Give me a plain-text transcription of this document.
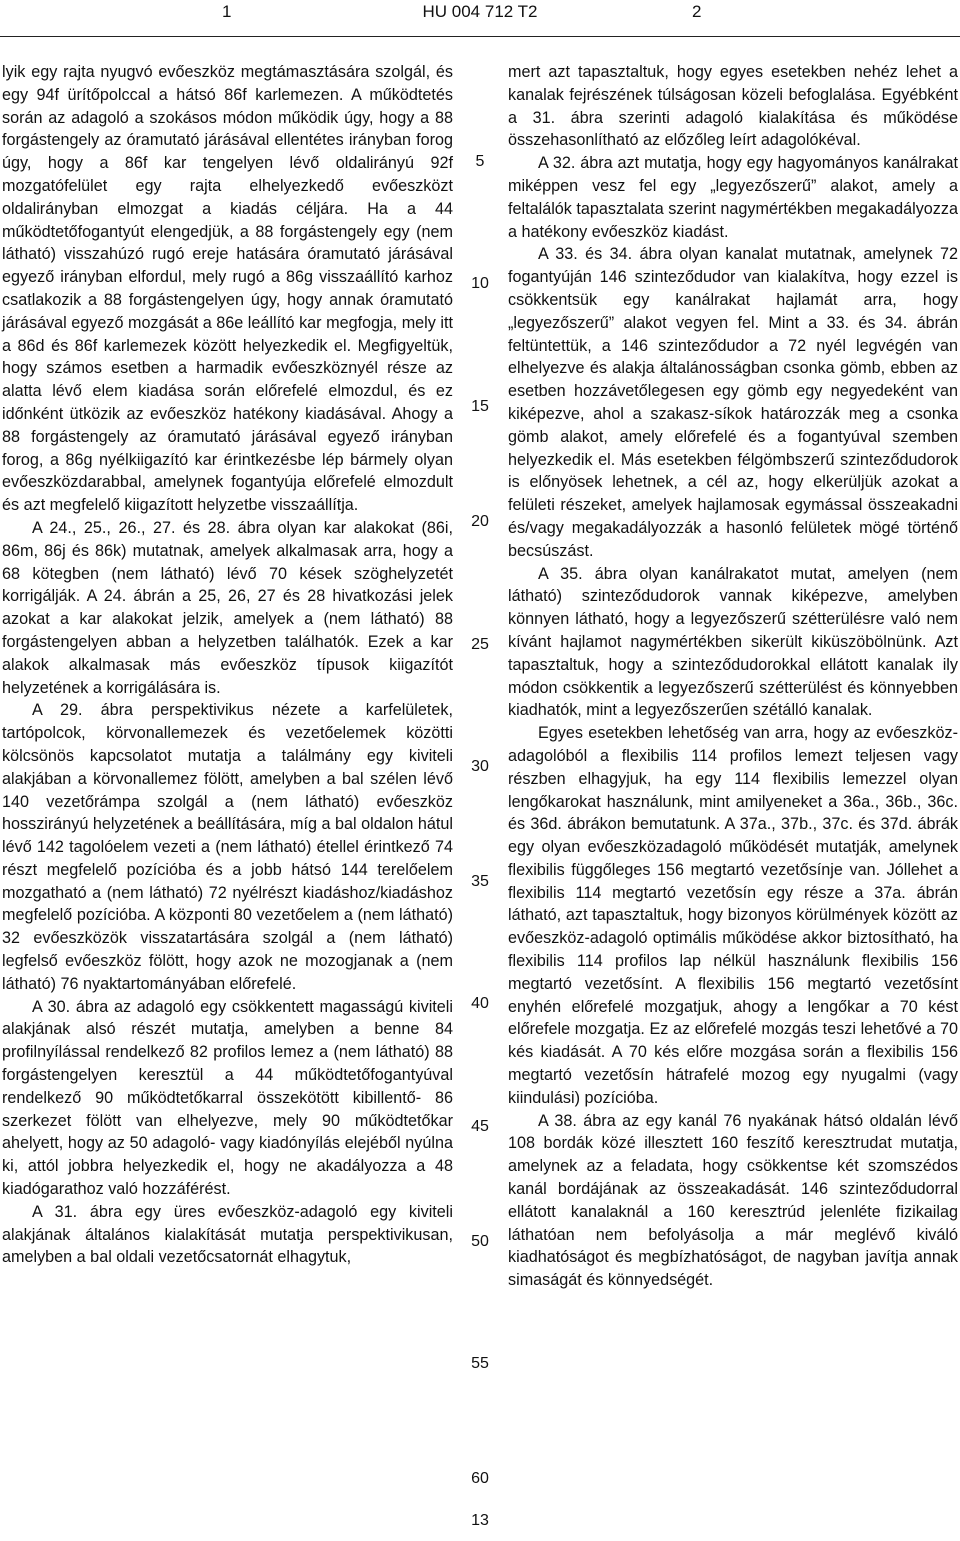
1	HU 004 712 T2	2

lyik egy rajta nyugvó evőeszköz megtámasztására szolgál, és egy 94f ürítőpolccal a hátsó 86f karlemezen. A működtetés során az adagoló a szokásos módon működik úgy, hogy a 88 forgástengely az óramutató járásával ellentétes irányban forog úgy, hogy a 86f kar tengelyen lévő oldalirányú 92f mozgatófelület egy rajta elhelyezkedő evőeszközt oldalirányban elmozgat a kiadás céljára. Ha a 44 működtetőfogantyút elengedjük, a 88 forgástengely egy (nem látható) visszahúzó rugó ereje hatására óramutató járásával egyező irányban elfordul, mely rugó a 86g visszaállító karhoz csatlakozik a 88 forgástengelyen úgy, hogy annak óramutató járásával egyező mozgását a 86e leállító kar megfogja, mely itt a 86d és 86f karlemezek között helyezkedik el. Megfigyeltük, hogy számos esetben a harmadik evőeszköznyél része az alatta lévő elem kiadása során előrefelé elmozdul, és ez időnként ütközik az evőeszköz hatékony kiadásával. Ahogy a 88 forgástengely az óramutató járásával egyező irányban forog, a 86g nyélkiigazító kar érintkezésbe lép bármely olyan evőeszközdarabbal, amelynek fogantyúja előrefelé elmozdult és azt megfelelő kiigazított helyzetbe visszaállítja.

A 24., 25., 26., 27. és 28. ábra olyan kar alakokat (86i, 86m, 86j és 86k) mutatnak, amelyek alkalmasak arra, hogy a 68 kötegben (nem látható) lévő 70 kések szöghelyzetét korrigálják. A 24. ábrán a 25, 26, 27 és 28 hivatkozási jelek azokat a kar alakokat jelzik, amelyek a (nem látható) 88 forgástengelyen abban a helyzetben találhatók. Ezek a kar alakok alkalmasak más evőeszköz típusok kiigazítót helyzetének a korrigálására is.

A 29. ábra perspektivikus nézete a karfelületek, tartópolcok, körvonallemezek és vezetőelemek közötti kölcsönös kapcsolatot mutatja a találmány egy kiviteli alakjában a körvonallemez fölött, amelyben a bal szélen lévő 140 vezetőrámpa szolgál a (nem látható) evőeszköz hosszirányú helyzetének a beállítására, míg a bal oldalon hátul lévő 142 tagolóelem vezeti a (nem látható) étellel érintkező 74 részt megfelelő pozícióba és a jobb hátsó 144 terelőelem mozgatható a (nem látható) 72 nyélrészt kiadáshoz/kiadáshoz megfelelő pozícióba. A központi 80 vezetőelem a (nem látható) 32 evőeszközök visszatartására szolgál a (nem látható) legfelső evőeszköz fölött, hogy azok ne mozogjanak a (nem látható) 76 nyaktartományában előrefelé.

A 30. ábra az adagoló egy csökkentett magasságú kiviteli alakjának alsó részét mutatja, amelyben a benne 84 profilnyílással rendelkező 82 profilos lemez a (nem látható) 88 forgástengelyen keresztül a 44 működtetőfogantyúval rendelkező 90 működtetőkarral összekötött kibillentő- 86 szerkezet fölött van elhelyezve, mely 90 működtetőkar ahelyett, hogy az 50 adagoló- vagy kiadónyílás elejéből nyúlna ki, attól jobbra helyezkedik el, hogy ne akadályozza a 48 kiadógarathoz való hozzáférést.

A 31. ábra egy üres evőeszköz-adagoló egy kiviteli alakjának általános kialakítását mutatja perspektivikusan, amelyben a bal oldali vezetőcsatornát elhagytuk,

5
10
15
20
25
30
35
40
45
50
55
60

mert azt tapasztaltuk, hogy egyes esetekben nehéz lehet a kanalak fejrészének túlságosan közeli befoglalása. Egyébként a 31. ábra szerinti adagoló kialakítása és működése összehasonlítható az előzőleg leírt adagolókéval.

A 32. ábra azt mutatja, hogy egy hagyományos kanálrakat miképpen vesz fel egy „legyezőszerű” alakot, amely a feltalálók tapasztalata szerint nagymértékben megakadályozza a hatékony evőeszköz kiadást.

A 33. és 34. ábra olyan kanalat mutatnak, amelynek 72 fogantyúján 146 szinteződudor van kialakítva, hogy ezzel is csökkentsük egy kanálrakat hajlamát arra, hogy „legyezőszerű” alakot vegyen fel. Mint a 33. és 34. ábrán feltüntettük, a 146 szinteződudor a 72 nyél legvégén van elhelyezve és alakja általánosságban csonka gömb, ebben az esetben hozzávetőlegesen egy gömb egy negyedeként van kiképezve, ahol a szakasz-síkok határozzák meg a csonka gömb alakot, amely előrefelé és a fogantyúval szemben helyezkedik el. Más esetekben félgömbszerű szinteződudorok is előnyösek lehetnek, a cél az, hogy elkerüljük azokat a felületi részeket, amelyek hajlamosak egymással összeakadni és/vagy megakadályozzák a hasonló felületek mögé történő becsúszást.

A 35. ábra olyan kanálrakatot mutat, amelyen (nem látható) szinteződudorok vannak kiképezve, amelyben könnyen látható, hogy a legyezőszerű szétterülésre való nem kívánt hajlamot nagymértékben sikerült kiküszöbölnünk. Azt tapasztaltuk, hogy a szinteződudorokkal ellátott kanalak ily módon csökkentik a legyezőszerű szétterülést és könnyebben kiadhatók, mint a legyezőszerűen szétálló kanalak.

Egyes esetekben lehetőség van arra, hogy az evőeszköz-adagolóból a flexibilis 114 profilos lemezt teljesen vagy részben elhagyjuk, ha egy 114 flexibilis lemezzel olyan lengőkarokat használunk, mint amilyeneket a 36a., 36b., 36c. és 36d. ábrákon bemutatunk. A 37a., 37b., 37c. és 37d. ábrák egy olyan evőeszközadagoló működését mutatják, amelynek flexibilis függőleges 156 megtartó vezetősínje van. Jóllehet a flexibilis 114 megtartó vezetősín egy része a 37a. ábrán látható, azt tapasztaltuk, hogy bizonyos körülmények között az evőeszköz-adagoló optimális működése akkor biztosítható, ha flexibilis 114 profilos lap nélkül használunk flexibilis 156 megtartó vezetősínt. A flexibilis 156 megtartó vezetősínt enyhén előrefelé mozgatjuk, ahogy a lengőkar a 70 kést előrefele mozgatja. Ez az előrefelé mozgás teszi lehetővé a 70 kés kiadását. A 70 kés előre mozgása során a flexibilis 156 megtartó vezetősín hátrafelé mozog egy nyugalmi (vagy kiindulási) pozícióba.

A 38. ábra az egy kanál 76 nyakának hátsó oldalán lévő 108 bordák közé illesztett 160 feszítő keresztrudat mutatja, amelynek az a feladata, hogy csökkentse két szomszédos kanál bordájának az összeakadását. 146 szinteződudorral ellátott kanalaknál a 160 keresztrúd jelenléte fizikailag láthatóan nem befolyásolja a már meglévő kiváló kiadhatóságot és megbízhatóságot, de nagyban javítja annak simaságát és könnyedségét.

13
